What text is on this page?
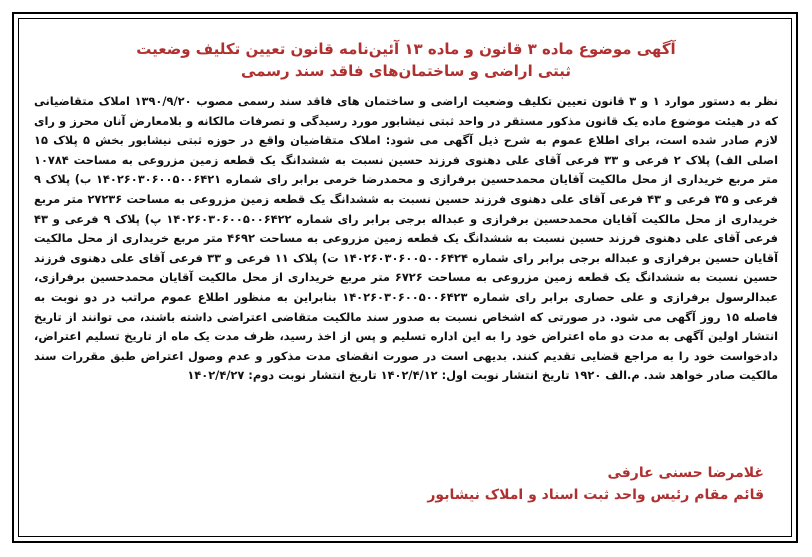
آگهی موضوع ماده ۳ قانون و ماده ۱۳ آئین‌نامه قانون تعیین تکلیف وضعیت
ثبتی اراضی و ساختمان‌های فاقد سند رسمی

نظر به دستور موارد ۱ و ۳ قانون تعیین تکلیف وضعیت اراضی و ساختمان های فاقد سند رسمی مصوب ۱۳۹۰/۹/۲۰ املاک متقاضیانی که در هیئت موضوع ماده یک قانون مذکور مستقر در واحد ثبتی نیشابور مورد رسیدگی و تصرفات مالکانه و بلامعارض آنان محرز و رای لازم صادر شده است، برای اطلاع عموم به شرح ذیل آگهی می شود: املاک متقاضیان واقع در حوزه ثبتی نیشابور بخش ۵ پلاک ۱۵ اصلی الف) پلاک ۲ فرعی و ۳۳ فرعی آقای علی دهنوی فرزند حسین نسبت به ششدانگ یک قطعه زمین مزروعی به مساحت ۱۰۷۸۴ متر مربع خریداری از محل مالکیت آقایان محمدحسین برفرازی و محمدرضا خرمی برابر رای شماره ۱۴۰۲۶۰۳۰۶۰۰۵۰۰۶۴۲۱ ب) پلاک ۹ فرعی و ۳۵ فرعی و ۴۳ فرعی آقای علی دهنوی فرزند حسین نسبت به ششدانگ یک قطعه زمین مزروعی به مساحت ۲۷۲۳۶ متر مربع خریداری از محل مالکیت آقایان محمدحسین برفرازی و عبداله برجی برابر رای شماره ۱۴۰۲۶۰۳۰۶۰۰۵۰۰۶۴۲۲ پ) پلاک ۹ فرعی و ۴۳ فرعی آقای علی دهنوی فرزند حسین نسبت به ششدانگ یک قطعه زمین مزروعی به مساحت ۴۶۹۲ متر مربع خریداری از محل مالکیت آقایان حسین برفرازی و عبداله برجی برابر رای شماره ۱۴۰۲۶۰۳۰۶۰۰۵۰۰۶۴۲۴ ت) پلاک ۱۱ فرعی و ۳۳ فرعی آقای علی دهنوی فرزند حسین نسبت به ششدانگ یک قطعه زمین مزروعی به مساحت ۶۷۲۶ متر مربع خریداری از محل مالکیت آقایان محمدحسین برفرازی، عبدالرسول برفرازی و علی حصاری برابر رای شماره ۱۴۰۲۶۰۳۰۶۰۰۵۰۰۶۴۲۳ بنابراین به منظور اطلاع عموم مراتب در دو نوبت به فاصله ۱۵ روز آگهی می شود. در صورتی که اشخاص نسبت به صدور سند مالکیت متقاضی اعتراضی داشته باشند، می توانند از تاریخ انتشار اولین آگهی به مدت دو ماه اعتراض خود را به این اداره تسلیم و پس از اخذ رسید، ظرف مدت یک ماه از تاریخ تسلیم اعتراض، دادخواست خود را به مراجع قضایی تقدیم کنند. بدیهی است در صورت انقضای مدت مذکور و عدم وصول اعتراض طبق مقررات سند مالکیت صادر خواهد شد. م.الف ۱۹۲۰ تاریخ انتشار نوبت اول: ۱۴۰۲/۴/۱۲ تاریخ انتشار نوبت دوم: ۱۴۰۲/۴/۲۷

غلامرضا حسنی عارفی
قائم مقام رئیس واحد ثبت اسناد و املاک نیشابور
